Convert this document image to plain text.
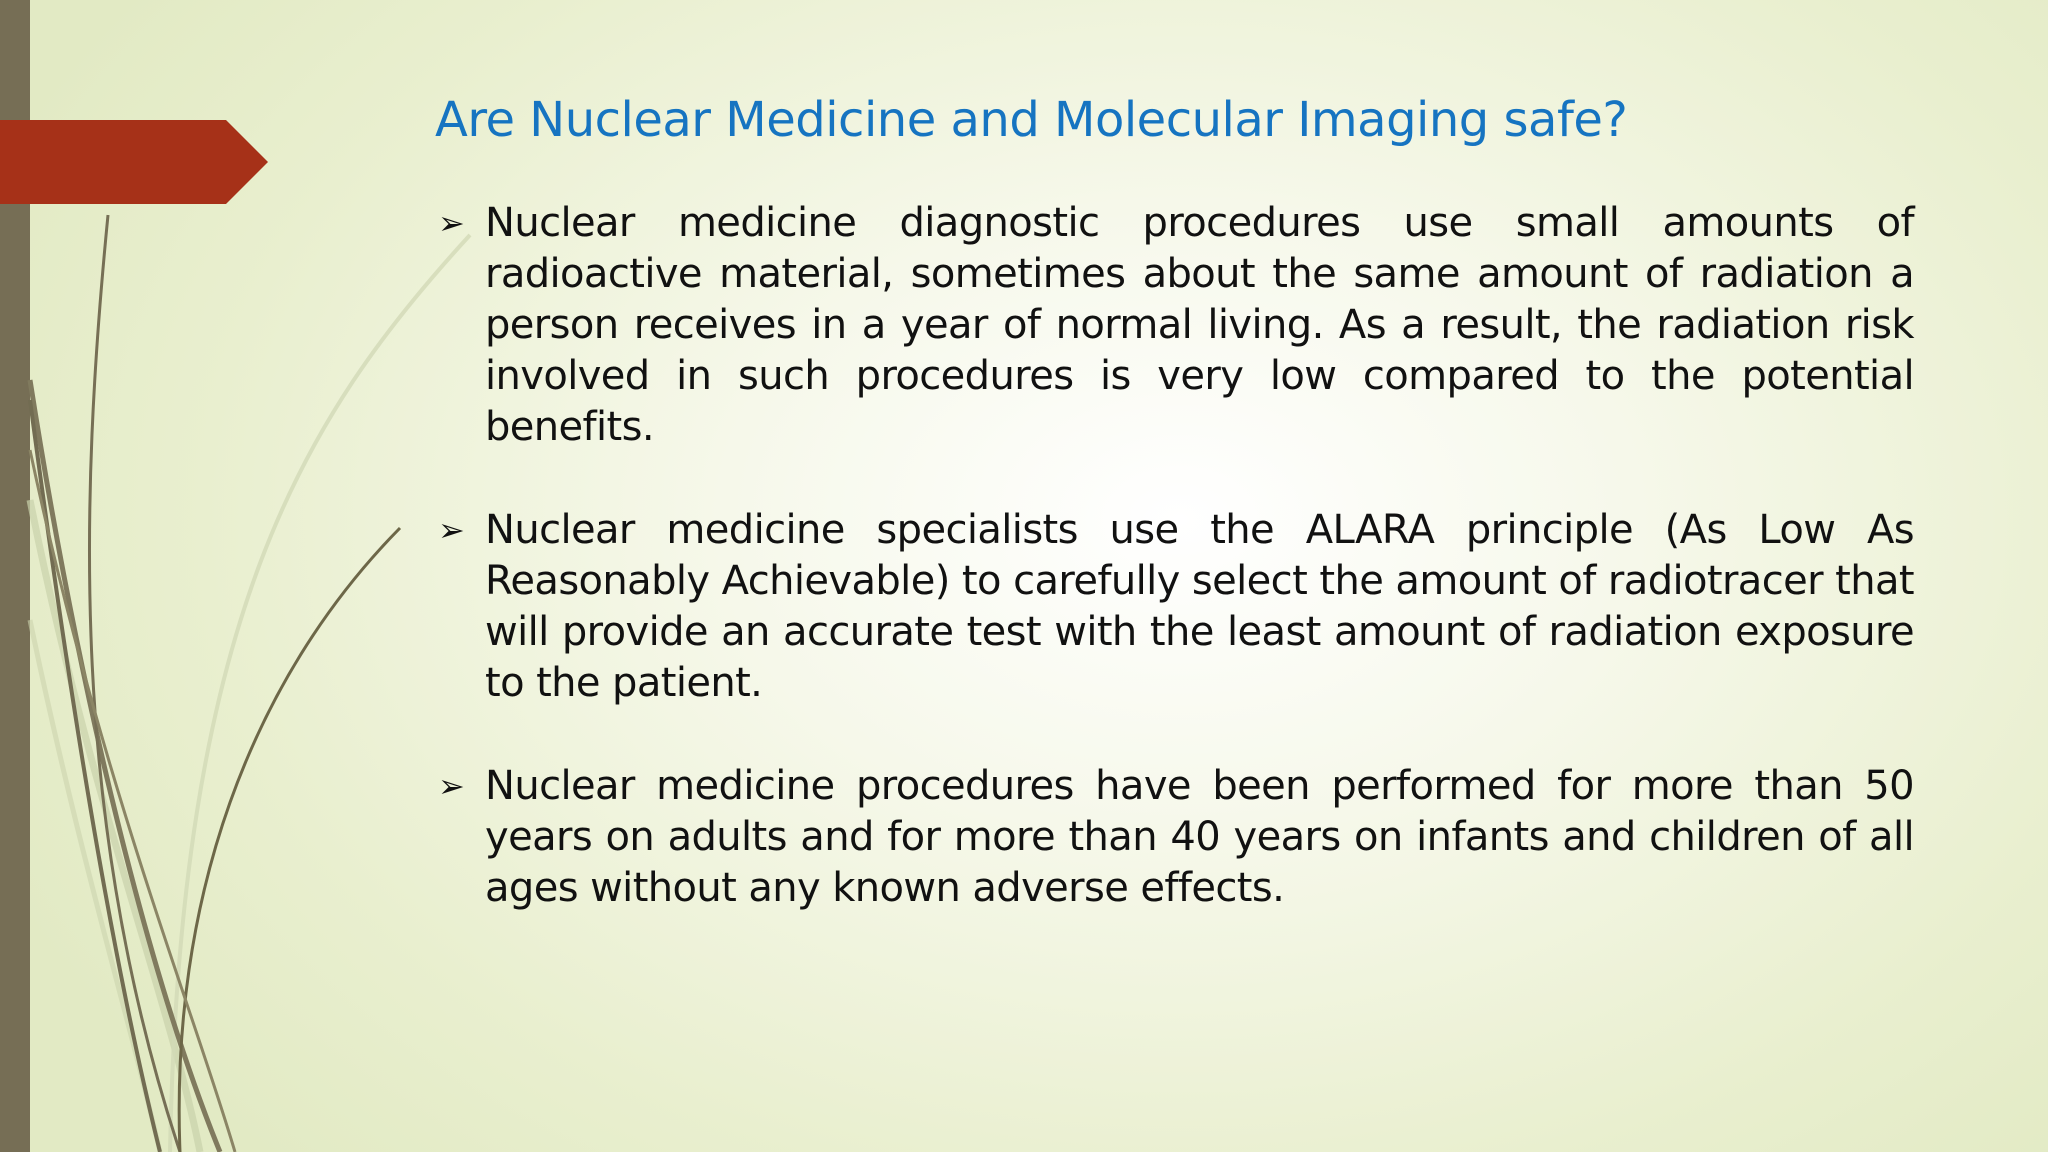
Are Nuclear Medicine and Molecular Imaging safe?
➢ Nuclear medicine diagnostic procedures use small amounts of radioactive material, sometimes about the same amount of radiation a person receives in a year of normal living. As a result, the radiation risk involved in such procedures is very low compared to the potential benefits.
➢ Nuclear medicine specialists use the ALARA principle (As Low As Reasonably Achievable) to carefully select the amount of radiotracer that will provide an accurate test with the least amount of radiation exposure to the patient.
➢ Nuclear medicine procedures have been performed for more than 50 years on adults and for more than 40 years on infants and children of all ages without any known adverse effects.
